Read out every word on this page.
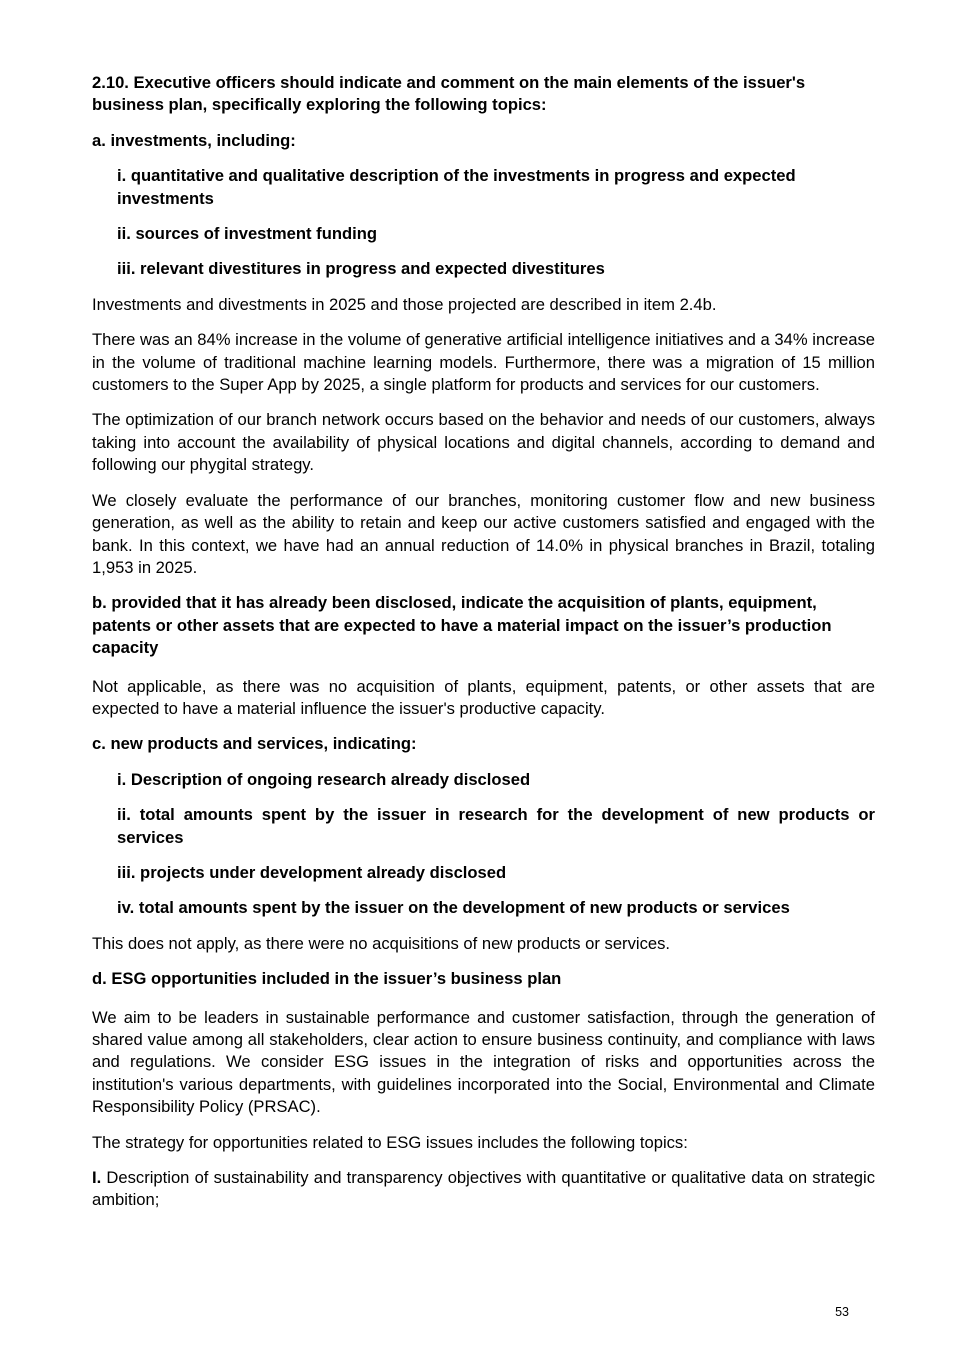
2.10. Executive officers should indicate and comment on the main elements of the issuer's business plan, specifically exploring the following topics:
a. investments, including:
i. quantitative and qualitative description of the investments in progress and expected investments
ii. sources of investment funding
iii. relevant divestitures in progress and expected divestitures

Investments and divestments in 2025 and those projected are described in item 2.4b.

There was an 84% increase in the volume of generative artificial intelligence initiatives and a 34% increase in the volume of traditional machine learning models. Furthermore, there was a migration of 15 million customers to the Super App by 2025, a single platform for products and services for our customers.

The optimization of our branch network occurs based on the behavior and needs of our customers, always taking into account the availability of physical locations and digital channels, according to demand and following our phygital strategy.

We closely evaluate the performance of our branches, monitoring customer flow and new business generation, as well as the ability to retain and keep our active customers satisfied and engaged with the bank. In this context, we have had an annual reduction of 14.0% in physical branches in Brazil, totaling 1,953 in 2025.

b. provided that it has already been disclosed, indicate the acquisition of plants, equipment, patents or other assets that are expected to have a material impact on the issuer’s production capacity

Not applicable, as there was no acquisition of plants, equipment, patents, or other assets that are expected to have a material influence the issuer's productive capacity.

c. new products and services, indicating:
i. Description of ongoing research already disclosed
ii. total amounts spent by the issuer in research for the development of new products or services
iii. projects under development already disclosed
iv. total amounts spent by the issuer on the development of new products or services

This does not apply, as there were no acquisitions of new products or services.

d. ESG opportunities included in the issuer’s business plan

We aim to be leaders in sustainable performance and customer satisfaction, through the generation of shared value among all stakeholders, clear action to ensure business continuity, and compliance with laws and regulations. We consider ESG issues in the integration of risks and opportunities across the institution's various departments, with guidelines incorporated into the Social, Environmental and Climate Responsibility Policy (PRSAC).

The strategy for opportunities related to ESG issues includes the following topics:

I. Description of sustainability and transparency objectives with quantitative or qualitative data on strategic ambition;

53
